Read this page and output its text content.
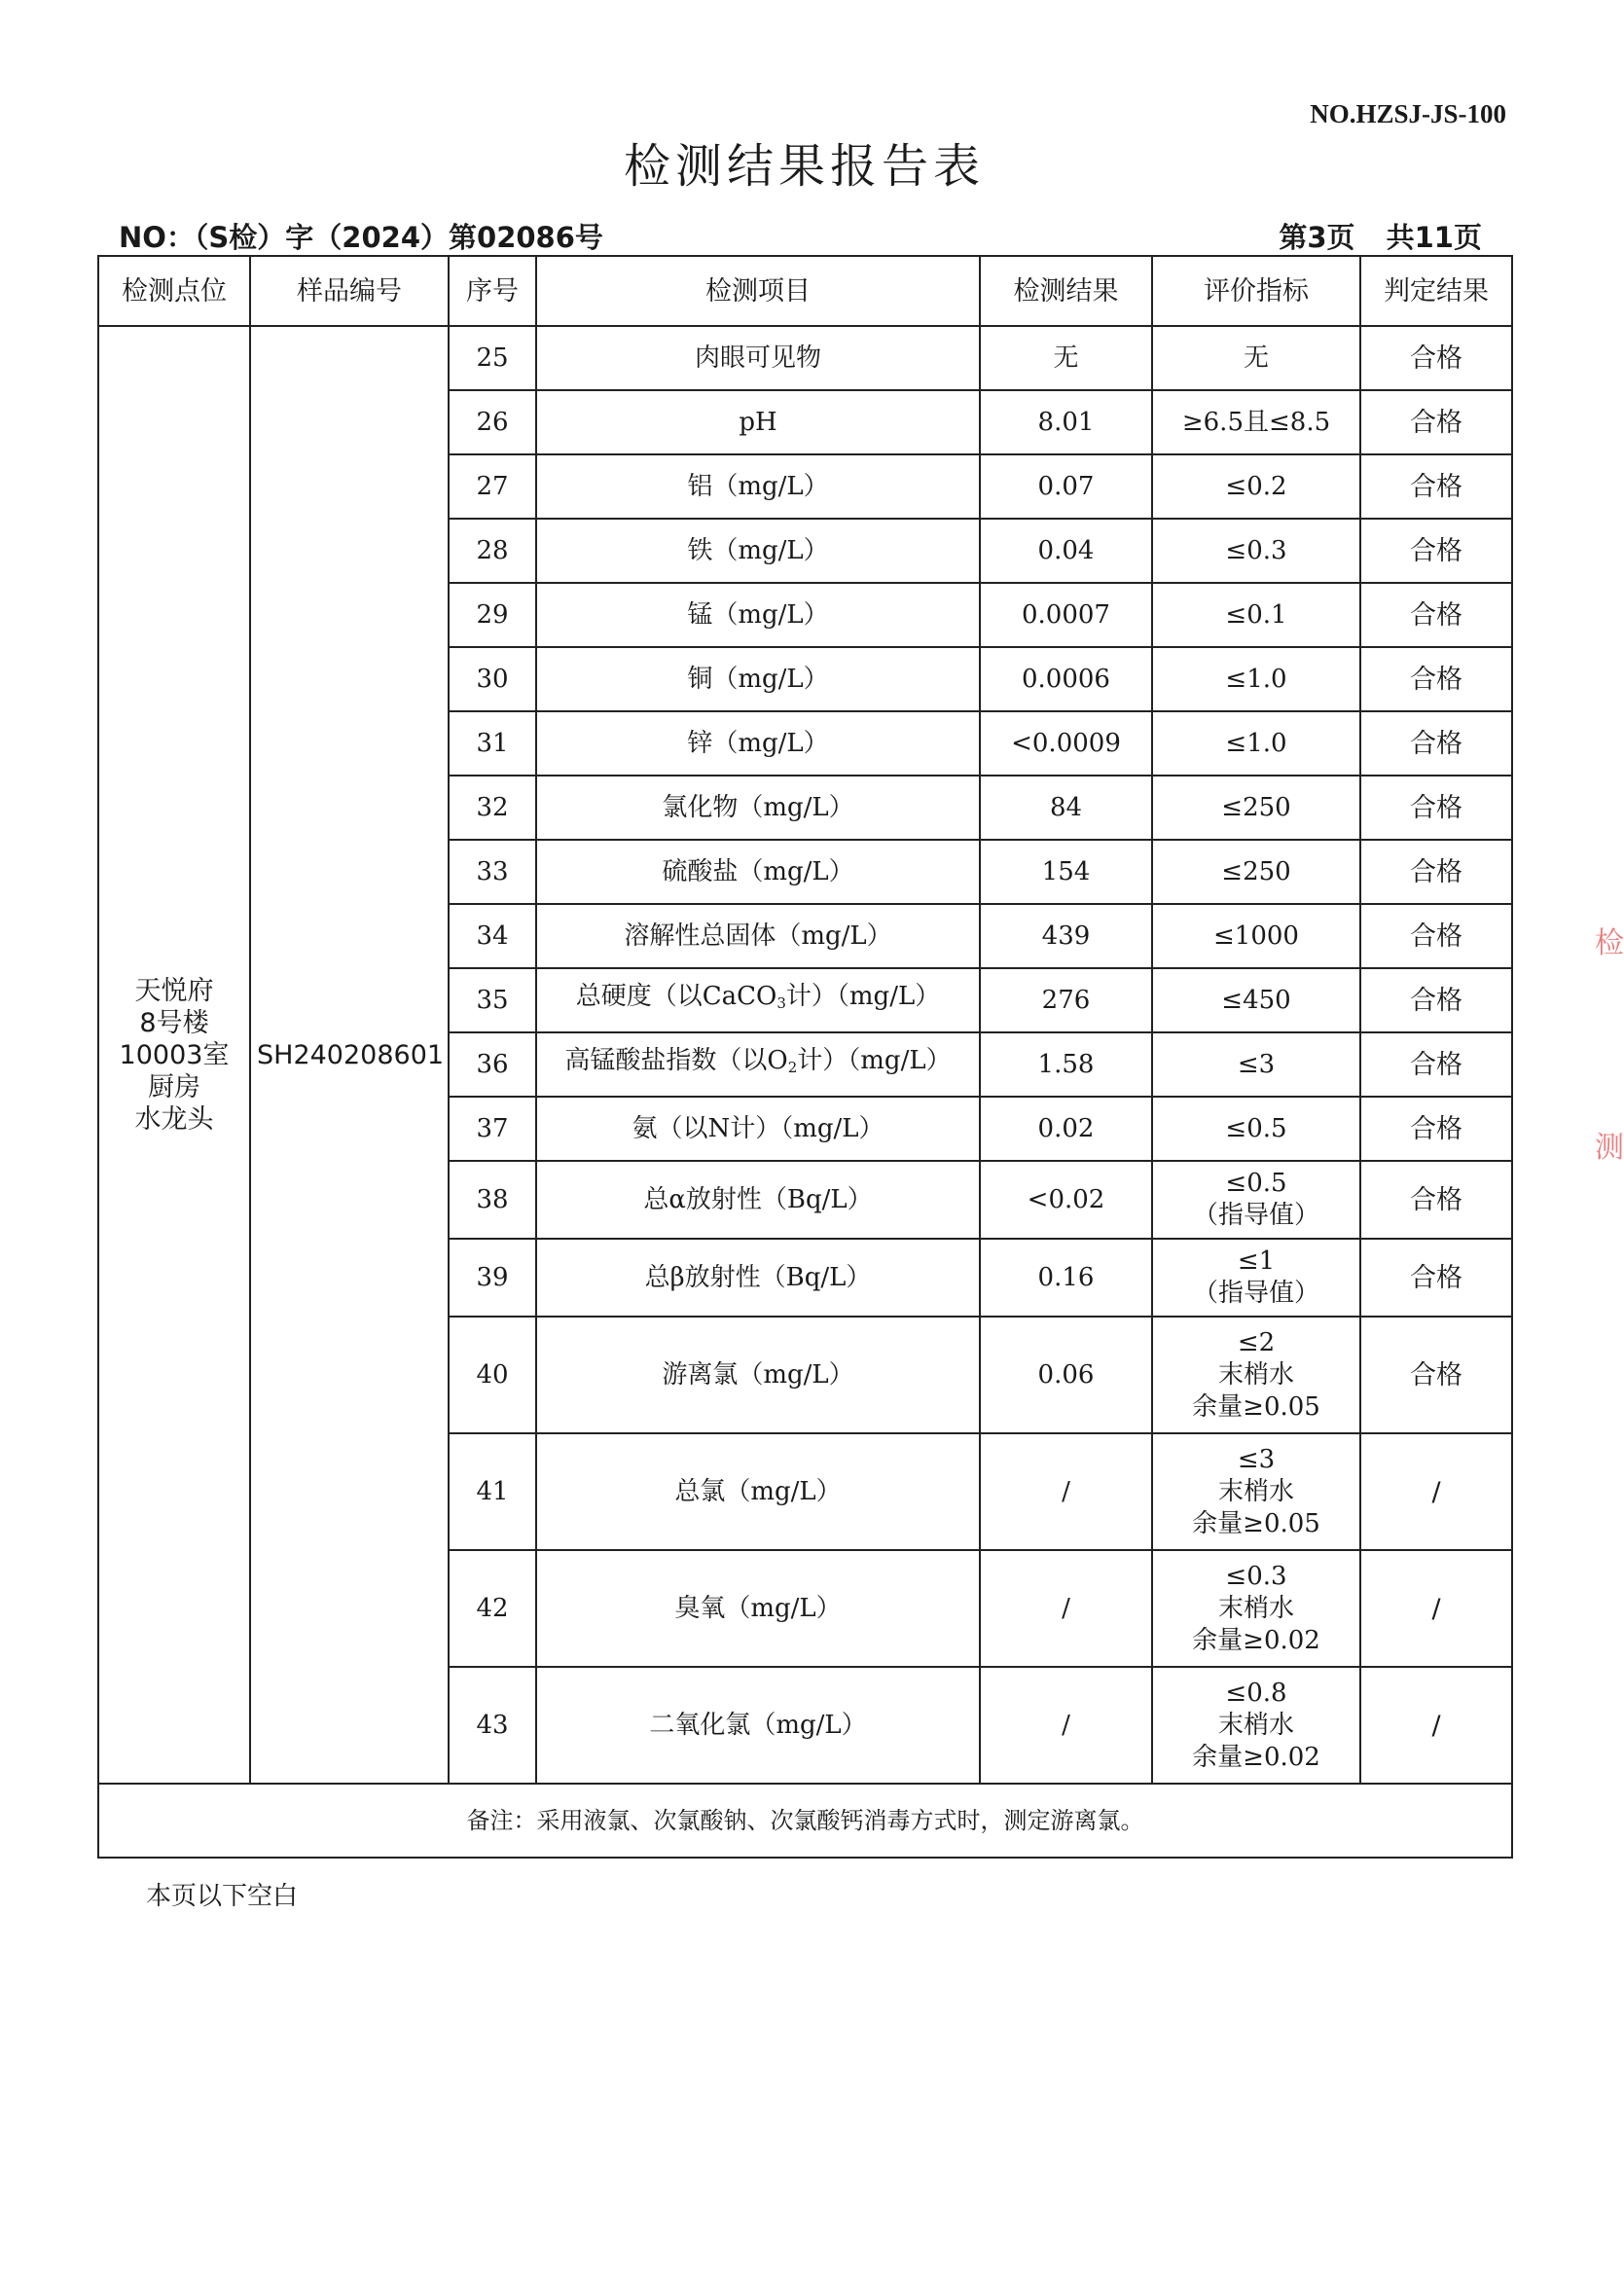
NO.HZSJ-JS-100
检测结果报告表
NO：（S检）字（2024）第02086号	第3页 共11页
检测点位	样品编号	序号	检测项目	检测结果	评价指标	判定结果

天悦府
8号楼
10003室
厨房
水龙头	SH240208601	25	肉眼可见物	无	无	合格
		26	pH	8.01	≥6.5且≤8.5	合格
		27	铝（mg/L）	0.07	≤0.2	合格
		28	铁（mg/L）	0.04	≤0.3	合格
		29	锰（mg/L）	0.0007	≤0.1	合格
		30	铜（mg/L）	0.0006	≤1.0	合格
		31	锌（mg/L）	<0.0009	≤1.0	合格
		32	氯化物（mg/L）	84	≤250	合格
		33	硫酸盐（mg/L）	154	≤250	合格
		34	溶解性总固体（mg/L）	439	≤1000	合格
		35	总硬度（以CaCO$_3$计）（mg/L）	276	≤450	合格
		36	高锰酸盐指数（以$O_2$计）（mg/L）	1.58	≤3	合格
		37	氨（以N计）（mg/L）	0.02	≤0.5	合格
		38	总α放射性（Bq/L）	<0.02	≤0.5
（指导值）	合格
		39	总β放射性（Bq/L）	0.16	≤1
（指导值）	合格
		40	游离氯（mg/L）	0.06	≤2
末梢水
余量≥0.05	合格
		41	总氯（mg/L）	/	≤3
末梢水
余量≥0.05	/
		42	臭氧（mg/L）	/	≤0.3
末梢水
余量≥0.02	/
		43	二氧化氯（mg/L）	/	≤0.8
末梢水
余量≥0.02	/
备注：采用液氯、次氯酸钠、次氯酸钙消毒方式时，测定游离氯。						
本页以下空白
检
测
